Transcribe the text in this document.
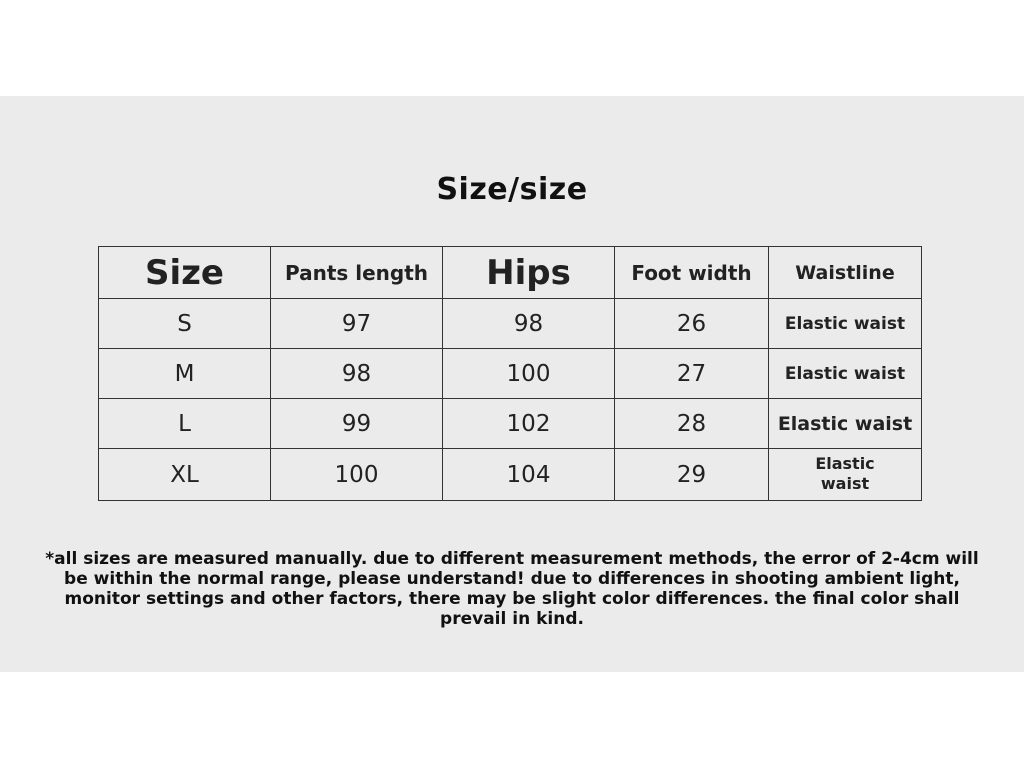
Size/size
Size	Pants length	Hips	Foot width	Waistline
S	97	98	26	Elastic waist
M	98	100	27	Elastic waist
L	99	102	28	Elastic waist
XL	100	104	29	Elastic waist
*all sizes are measured manually. due to different measurement methods, the error of 2-4cm will be within the normal range, please understand! due to differences in shooting ambient light, monitor settings and other factors, there may be slight color differences. the final color shall prevail in kind.
